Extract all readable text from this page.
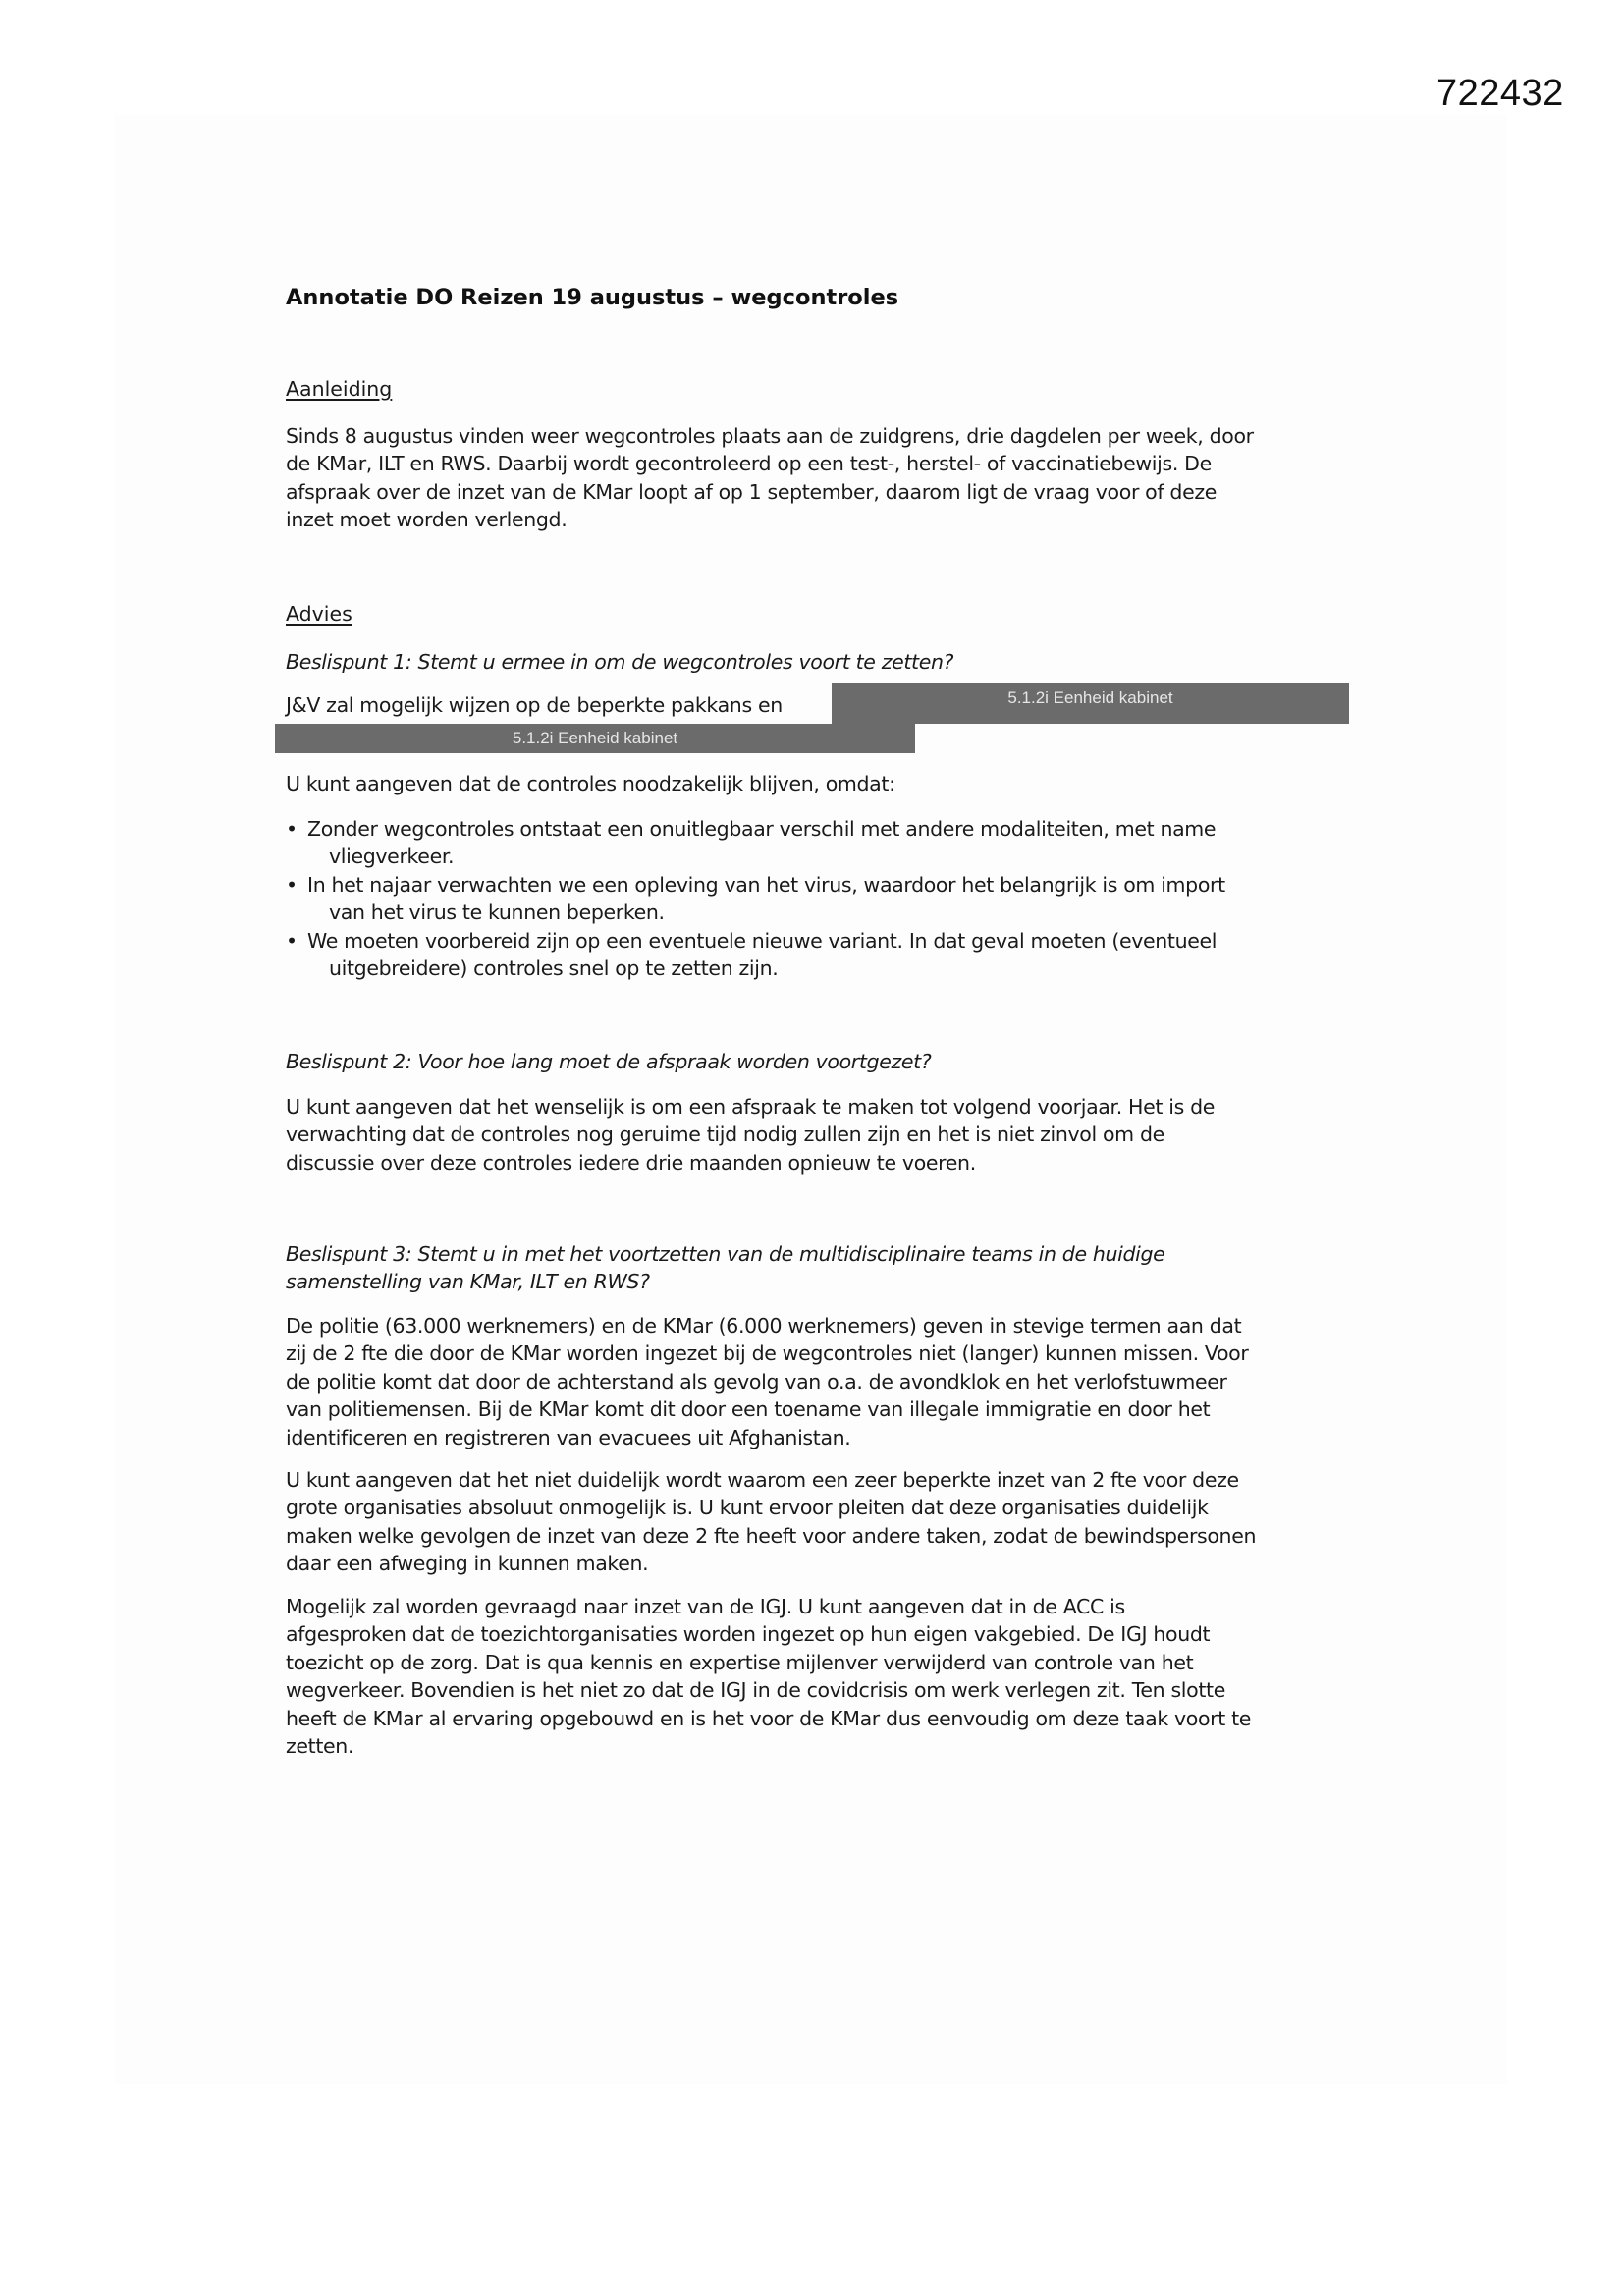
722432
Annotatie DO Reizen 19 augustus – wegcontroles
Aanleiding
Sinds 8 augustus vinden weer wegcontroles plaats aan de zuidgrens, drie dagdelen per week, door
de KMar, ILT en RWS. Daarbij wordt gecontroleerd op een test-, herstel- of vaccinatiebewijs. De
afspraak over de inzet van de KMar loopt af op 1 september, daarom ligt de vraag voor of deze
inzet moet worden verlengd.
Advies
Beslispunt 1: Stemt u ermee in om de wegcontroles voort te zetten?
J&V zal mogelijk wijzen op de beperkte pakkans en
U kunt aangeven dat de controles noodzakelijk blijven, omdat:
• Zonder wegcontroles ontstaat een onuitlegbaar verschil met andere modaliteiten, met name
vliegverkeer.
• In het najaar verwachten we een opleving van het virus, waardoor het belangrijk is om import
van het virus te kunnen beperken.
• We moeten voorbereid zijn op een eventuele nieuwe variant. In dat geval moeten (eventueel
uitgebreidere) controles snel op te zetten zijn.
Beslispunt 2: Voor hoe lang moet de afspraak worden voortgezet?
U kunt aangeven dat het wenselijk is om een afspraak te maken tot volgend voorjaar. Het is de
verwachting dat de controles nog geruime tijd nodig zullen zijn en het is niet zinvol om de
discussie over deze controles iedere drie maanden opnieuw te voeren.
Beslispunt 3: Stemt u in met het voortzetten van de multidisciplinaire teams in de huidige
samenstelling van KMar, ILT en RWS?
De politie (63.000 werknemers) en de KMar (6.000 werknemers) geven in stevige termen aan dat
zij de 2 fte die door de KMar worden ingezet bij de wegcontroles niet (langer) kunnen missen. Voor
de politie komt dat door de achterstand als gevolg van o.a. de avondklok en het verlofstuwmeer
van politiemensen. Bij de KMar komt dit door een toename van illegale immigratie en door het
identificeren en registreren van evacuees uit Afghanistan.
U kunt aangeven dat het niet duidelijk wordt waarom een zeer beperkte inzet van 2 fte voor deze
grote organisaties absoluut onmogelijk is. U kunt ervoor pleiten dat deze organisaties duidelijk
maken welke gevolgen de inzet van deze 2 fte heeft voor andere taken, zodat de bewindspersonen
daar een afweging in kunnen maken.
Mogelijk zal worden gevraagd naar inzet van de IGJ. U kunt aangeven dat in de ACC is
afgesproken dat de toezichtorganisaties worden ingezet op hun eigen vakgebied. De IGJ houdt
toezicht op de zorg. Dat is qua kennis en expertise mijlenver verwijderd van controle van het
wegverkeer. Bovendien is het niet zo dat de IGJ in de covidcrisis om werk verlegen zit. Ten slotte
heeft de KMar al ervaring opgebouwd en is het voor de KMar dus eenvoudig om deze taak voort te
zetten.
5.1.2i Eenheid kabinet
5.1.2i Eenheid kabinet
